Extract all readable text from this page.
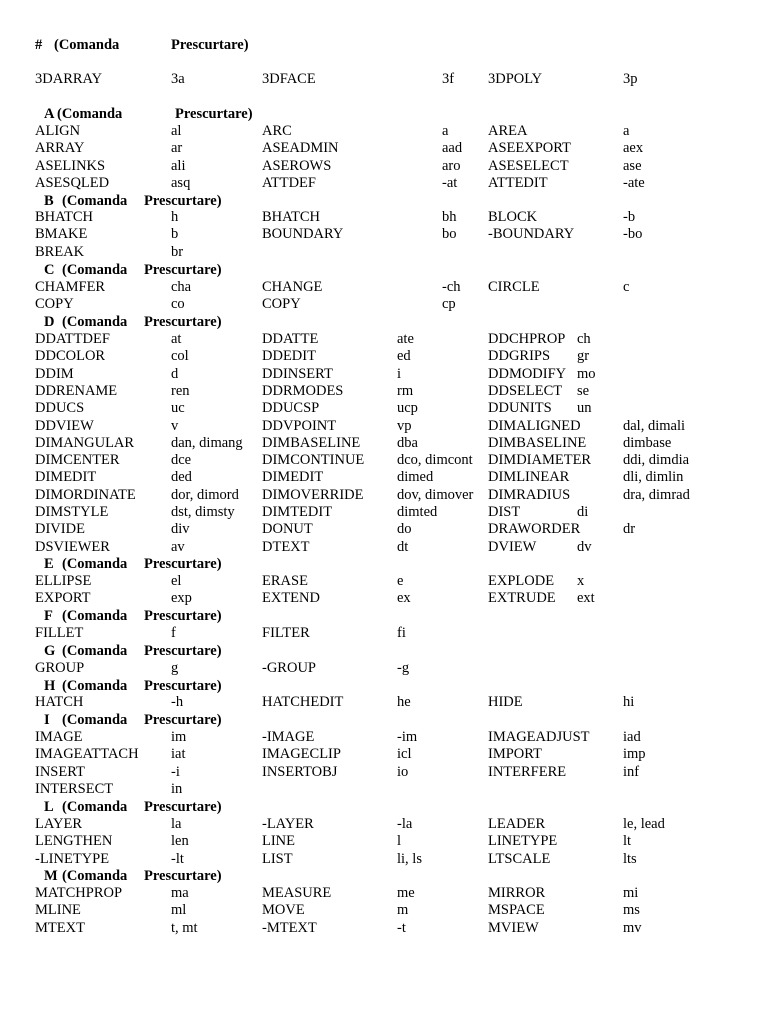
# (Comanda	Prescurtare)
3DARRAY	3a	3DFACE	3f 3DPOLY	3p
A (Comanda	Prescurtare)
ALIGN	al	ARC	a	AREA	a
ARRAY	ar	ASEADMIN	aad ASEEXPORT	aex
ASELINKS	ali	ASEROWS	aro ASESELECT	ase
ASESQLED	asq	ATTDEF	-at ATTEDIT	-ate
B (Comanda Prescurtare)
BHATCH	h	BHATCH	bh BLOCK	-b
BMAKE	b	BOUNDARY	bo -BOUNDARY	-bo
BREAK	br
C (Comanda Prescurtare)
CHAMFER	cha	CHANGE	-ch CIRCLE	c
COPY	co	COPY	cp
D (Comanda Prescurtare)
DDATTDEF	at	DDATTE	ate	DDCHPROP ch
DDCOLOR	col	DDEDIT	ed	DDGRIPS gr
DDIM	d	DDINSERT	i	DDMODIFY mo
DDRENAME	ren	DDRMODES	rm	DDSELECT se
DDUCS	uc	DDUCSP	ucp	DDUNITS un
DDVIEW	v	DDVPOINT	vp	DIMALIGNED	dal, dimali
DIMANGULAR	dan, dimang DIMBASELINE	dba	DIMBASELINE	dimbase
DIMCENTER	dce	DIMCONTINUE dco, dimcont DIMDIAMETER ddi, dimdia
DIMEDIT	ded	DIMEDIT	dimed	DIMLINEAR	dli, dimlin
DIMORDINATE dor, dimord DIMOVERRIDE dov, dimover DIMRADIUS	dra, dimrad
DIMSTYLE	dst, dimsty DIMTEDIT	dimted	DIST	di
DIVIDE	div	DONUT	do	DRAWORDER	dr
DSVIEWER	av	DTEXT	dt	DVIEW	dv
E (Comanda Prescurtare)
ELLIPSE	el	ERASE	e	EXPLODE x
EXPORT	exp	EXTEND	ex	EXTRUDE ext
F (Comanda Prescurtare)
FILLET	f	FILTER	fi
G (Comanda Prescurtare)
GROUP	g	-GROUP	-g
H (Comanda Prescurtare)
HATCH	-h	HATCHEDIT	he	HIDE	hi
I (Comanda Prescurtare)
IMAGE	im	-IMAGE	-im	IMAGEADJUST iad
IMAGEATTACH iat	IMAGECLIP	icl	IMPORT	imp
INSERT	-i	INSERTOBJ	io	INTERFERE	inf
INTERSECT	in
L (Comanda Prescurtare)
LAYER	la	-LAYER	-la	LEADER	le, lead
LENGTHEN	len	LINE	l	LINETYPE	lt
-LINETYPE	-lt	LIST	li, ls	LTSCALE	lts
M (Comanda Prescurtare)
MATCHPROP	ma	MEASURE	me	MIRROR	mi
MLINE	ml	MOVE	m	MSPACE	ms
MTEXT	t, mt	-MTEXT	-t	MVIEW	mv
